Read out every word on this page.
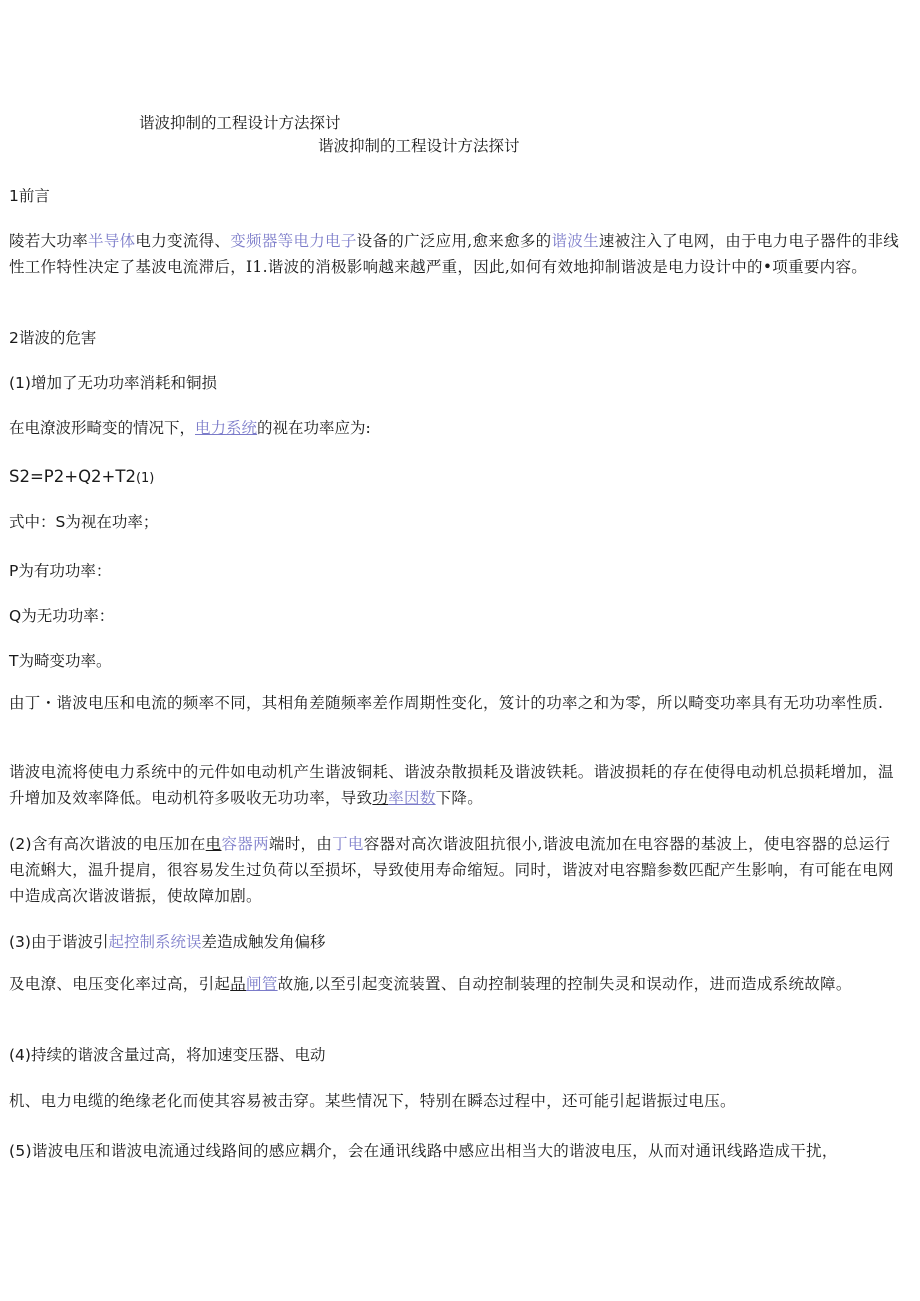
谐波抑制的工程设计方法探讨
谐波抑制的工程设计方法探讨
1前言
陵若大功率半导体电力变流得、变频器等电力电子设备的广泛应用,愈来愈多的谐波生速被注入了电网，由于电力电子器件的非线性工作特性决定了基波电流滞后，I1.谐波的消极影响越来越严重，因此,如何有效地抑制谐波是电力设计中的•项重要内容。
2谐波的危害
(1)增加了无功功率消耗和铜损
在电潦波形畸变的情况下，电力系统的视在功率应为:
S2=P2+Q2+T2(1)
式中：S为视在功率；
P为有功功率：
Q为无功功率：
T为畸变功率。
由丁・谐波电压和电流的频率不同，其相角差随频率差作周期性变化，笈计的功率之和为零，所以畸变功率具有无功功率性质.
谐波电流将使电力系统中的元件如电动机产生谐波铜耗、谐波杂散损耗及谐波铁耗。谐波损耗的存在使得电动机总损耗增加，温升增加及效率降低。电动机符多吸收无功功率，导致功率因数下降。
(2)含有高次谐波的电压加在电容器两端时，由丁电容器对高次谐波阻抗很小,谐波电流加在电容器的基波上，使电容器的总运行电流蝌大，温升提肩，很容易发生过负荷以至损坏，导致使用寿命缩短。同时，谐波对电容黯参数匹配产生影响，有可能在电网中造成高次谐波谐振，使故障加剧。
(3)由于谐波引起控制系统误差造成触发角偏移
及电潦、电压变化率过高，引起品闸管故施,以至引起变流装置、自动控制装理的控制失灵和误动作，进而造成系统故障。
(4)持续的谐波含量过高，将加速变压器、电动
机、电力电缆的绝缘老化而使其容易被击穿。某些情况下，特别在瞬态过程中，还可能引起谐振过电压。
(5)谐波电压和谐波电流通过线路间的感应耦介，会在通讯线路中感应出相当大的谐波电压，从而对通讯线路造成干扰，
